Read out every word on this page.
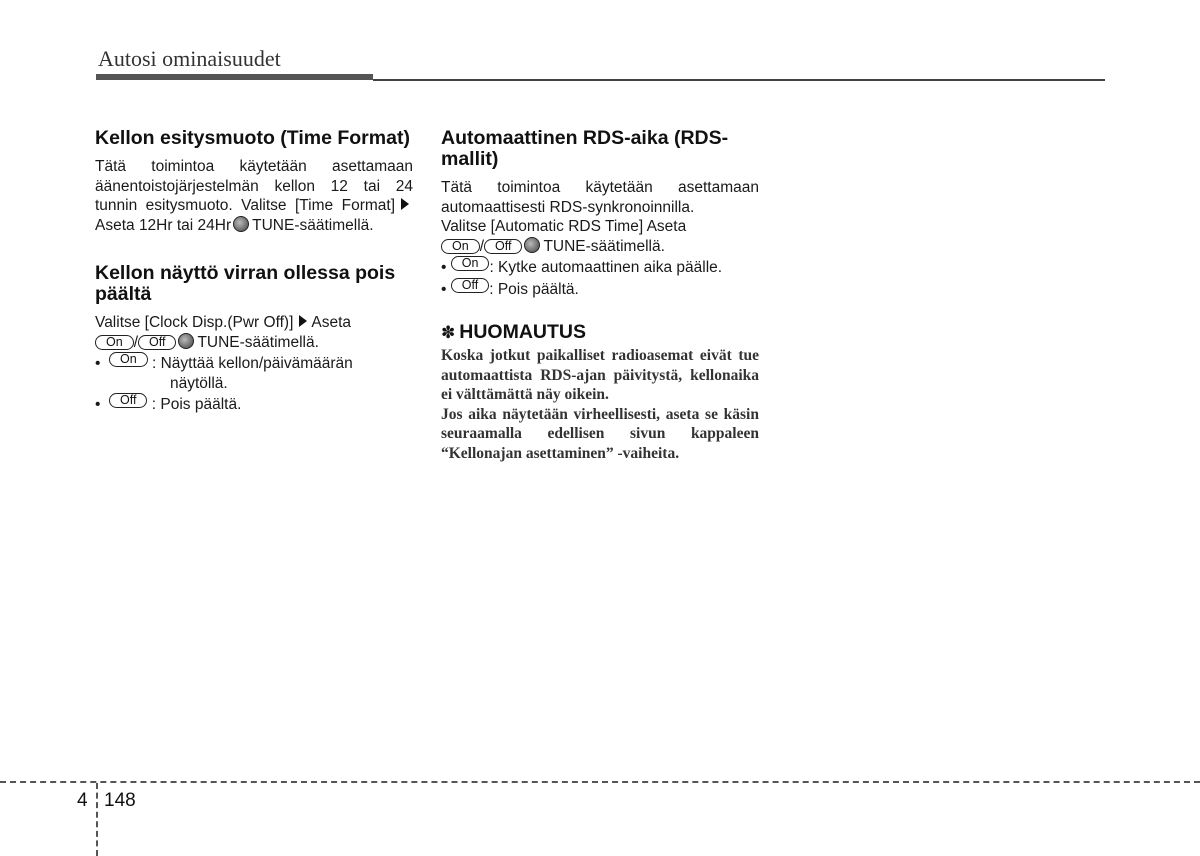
Autosi ominaisuudet
Kellon esitysmuoto (Time Format)

Tätä toimintoa käytetään asettamaan äänentoistojärjestelmän kellon 12 tai 24 tunnin esitysmuoto. Valitse [Time Format] Aseta 12Hr tai 24Hr TUNE-säätimellä.

Kellon näyttö virran ollessa pois päältä

Valitse [Clock Disp.(Pwr Off)] Aseta
On / Off TUNE-säätimellä.

• On : Näyttää kellon/päivämäärän
näytöllä.
• Off : Pois päältä.
Automaattinen RDS-aika (RDS-mallit)

Tätä toimintoa käytetään asettamaan automaattisesti RDS-synkronoinnilla.
Valitse [Automatic RDS Time] Aseta
On / Off TUNE-säätimellä.

• On : Kytke automaattinen aika päälle.
• Off : Pois päältä.
✽ HUOMAUTUS

Koska jotkut paikalliset radioasemat eivät tue automaattista RDS-ajan päivitystä, kellonaika ei välttämättä näy oikein.

Jos aika näytetään virheellisesti, aseta se käsin seuraamalla edellisen sivun kappaleen “Kellonajan asettaminen” -vaiheita.

4 148
